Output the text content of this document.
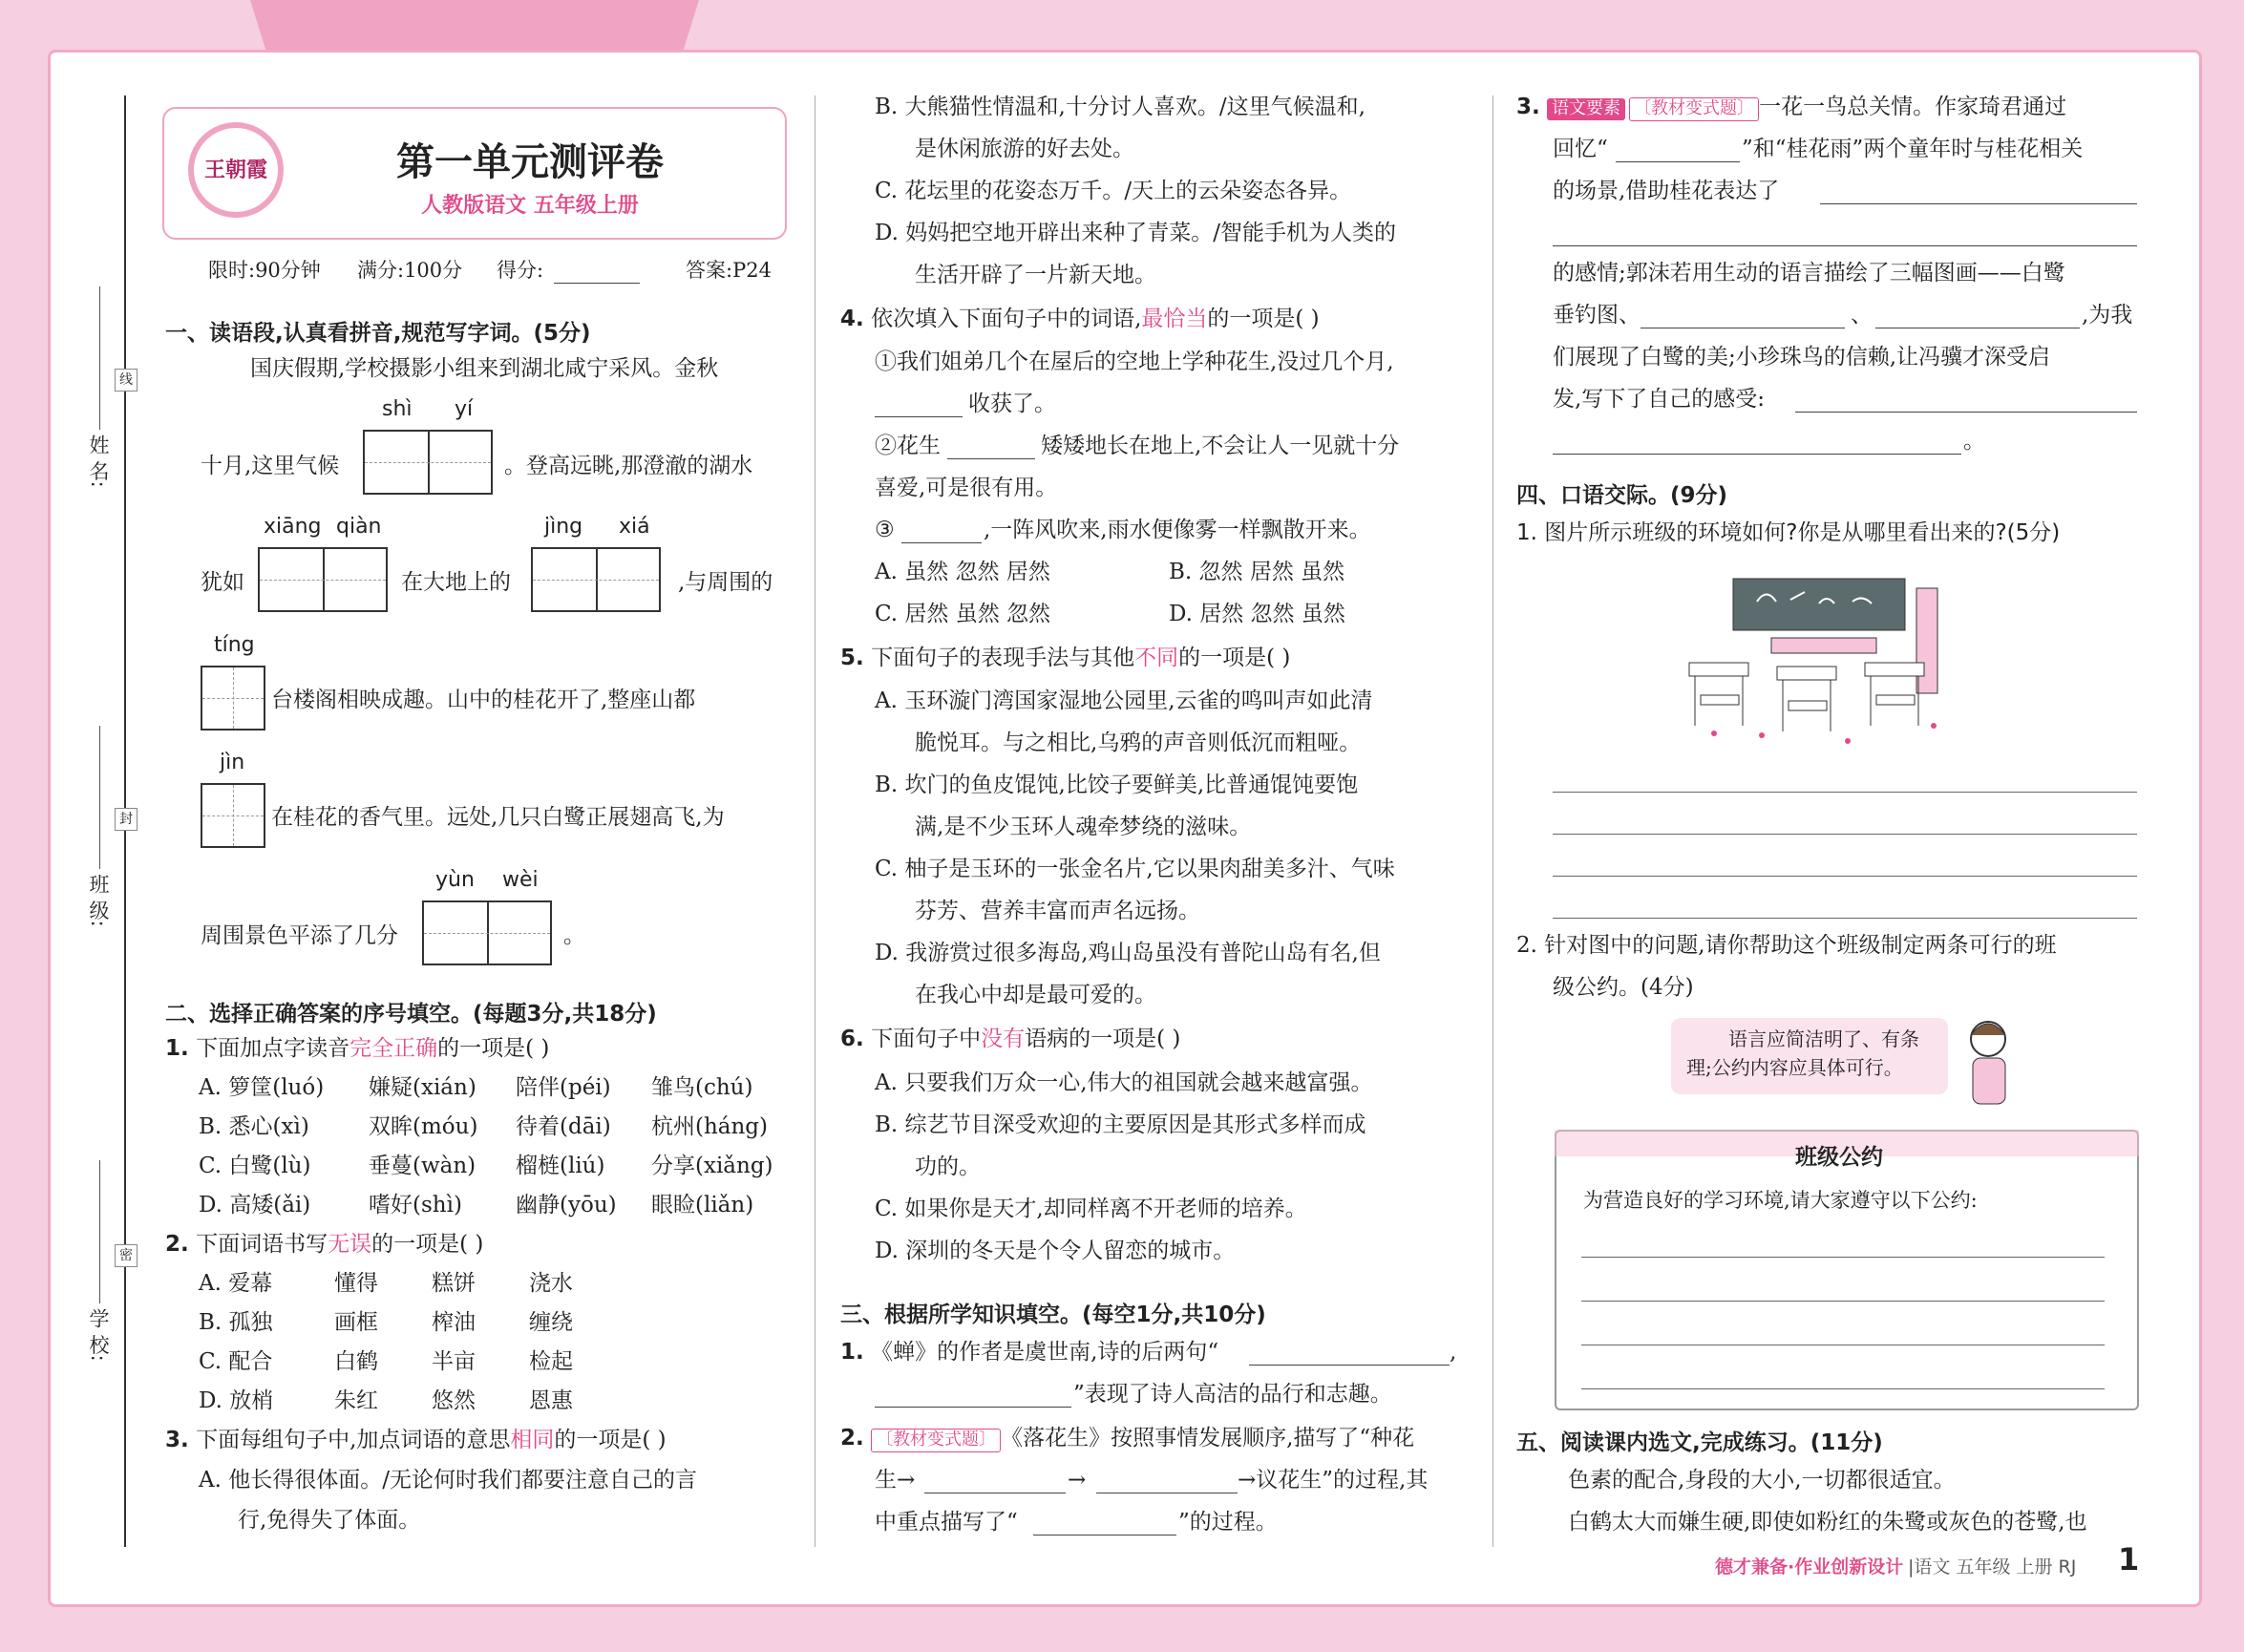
线
封
密
姓 名:
班 级:
学 校:
王朝霞	第一单元测评卷
人教版语文 五年级上册
限时:90分钟 满分:100分 得分:	答案:P24
一、读语段,认真看拼音,规范写字词。(5分)
国庆假期,学校摄影小组来到湖北咸宁采风。金秋
shì yí
十月,这里气候	。登高远眺,那澄澈的湖水
xiāng qiàn	jìng xiá
犹如	在大地上的	,与周围的
tíng
台楼阁相映成趣。山中的桂花开了,整座山都
jìn
在桂花的香气里。远处,几只白鹭正展翅高飞,为
yùn wèi
周围景色平添了几分	。
二、选择正确答案的序号填空。(每题3分,共18分)
1. 下面加点字读音完全正确的一项是( )
A. 箩筐(luó) 嫌疑(xián) 陪伴(péi) 雏鸟(chú)
B. 悉心(xì)	双眸(móu) 待着(dāi) 杭州(háng)
C. 白鹭(lù)	垂蔓(wàn) 榴梿(liú) 分享(xiǎng)
D. 高矮(ǎi)	嗜好(shì) 幽静(yōu) 眼睑(liǎn)
2. 下面词语书写无误的一项是( )
A. 爱幕	懂得 糕饼 浇水
B. 孤独	画框 榨油 缠绕
C. 配合	白鹤 半亩 检起
D. 放梢	朱红 悠然 恩惠
3. 下面每组句子中,加点词语的意思相同的一项是( )
A. 他长得很体面。/无论何时我们都要注意自己的言
行,免得失了体面。
B. 大熊猫性情温和,十分讨人喜欢。/这里气候温和,
是休闲旅游的好去处。
C. 花坛里的花姿态万千。/天上的云朵姿态各异。
D. 妈妈把空地开辟出来种了青菜。/智能手机为人类的
生活开辟了一片新天地。
4. 依次填入下面句子中的词语,最恰当的一项是( )
①我们姐弟几个在屋后的空地上学种花生,没过几个月,
收获了。
②花生	矮矮地长在地上,不会让人一见就十分
喜爱,可是很有用。
③	,一阵风吹来,雨水便像雾一样飘散开来。
A. 虽然 忽然 居然	B. 忽然 居然 虽然
C. 居然 虽然 忽然	D. 居然 忽然 虽然
5. 下面句子的表现手法与其他不同的一项是( )
A. 玉环漩门湾国家湿地公园里,云雀的鸣叫声如此清
脆悦耳。与之相比,乌鸦的声音则低沉而粗哑。
B. 坎门的鱼皮馄饨,比饺子要鲜美,比普通馄饨要饱
满,是不少玉环人魂牵梦绕的滋味。
C. 柚子是玉环的一张金名片,它以果肉甜美多汁、气味
芬芳、营养丰富而声名远扬。
D. 我游赏过很多海岛,鸡山岛虽没有普陀山岛有名,但
在我心中却是最可爱的。
6. 下面句子中没有语病的一项是( )
A. 只要我们万众一心,伟大的祖国就会越来越富强。
B. 综艺节目深受欢迎的主要原因是其形式多样而成
功的。
C. 如果你是天才,却同样离不开老师的培养。
D. 深圳的冬天是个令人留恋的城市。
三、根据所学知识填空。(每空1分,共10分)
1. 《蝉》的作者是虞世南,诗的后两句“	,
”表现了诗人高洁的品行和志趣。
2. 〔教材变式题〕 《落花生》按照事情发展顺序,描写了“种花
生→	→	→议花生”的过程,其
中重点描写了“	”的过程。
3. 语文要素 〔教材变式题〕 一花一鸟总关情。作家琦君通过
回忆“	”和“桂花雨”两个童年时与桂花相关
的场景,借助桂花表达了
的感情;郭沫若用生动的语言描绘了三幅图画——白鹭
垂钓图、	、	,为我
们展现了白鹭的美;小珍珠鸟的信赖,让冯骥才深受启
发,写下了自己的感受:
。
四、口语交际。(9分)
1. 图片所示班级的环境如何?你是从哪里看出来的?(5分)
2. 针对图中的问题,请你帮助这个班级制定两条可行的班
级公约。(4分)
语言应简洁明了、有条
理;公约内容应具体可行。
班级公约
为营造良好的学习环境,请大家遵守以下公约:
五、阅读课内选文,完成练习。(11分)
色素的配合,身段的大小,一切都很适宜。
白鹤太大而嫌生硬,即使如粉红的朱鹭或灰色的苍鹭,也
德才兼备·作业创新设计 |语文 五年级 上册 RJ 1
